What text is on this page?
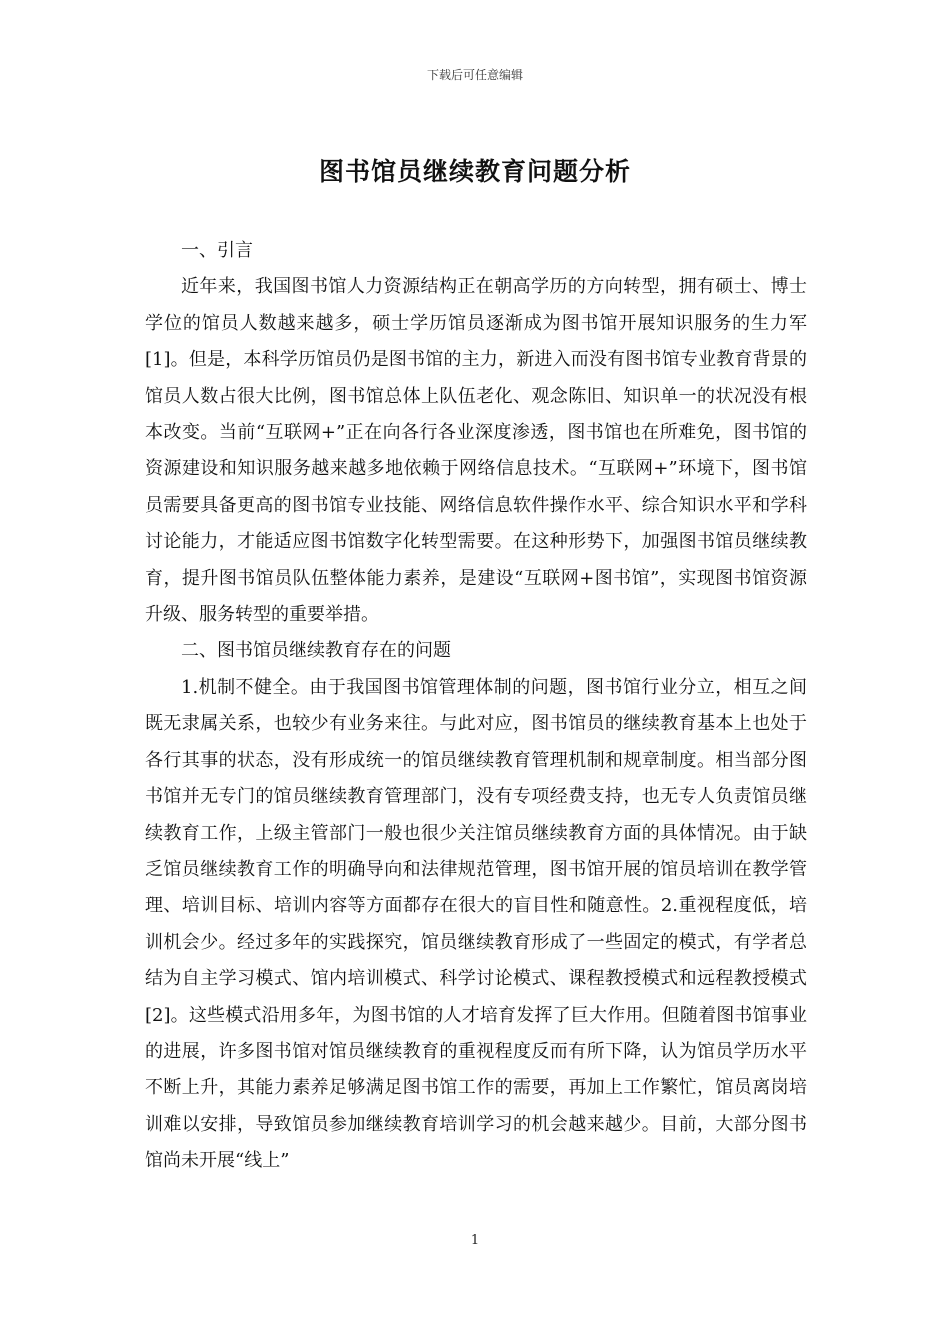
下载后可任意编辑
图书馆员继续教育问题分析

一、引言

近年来，我国图书馆人力资源结构正在朝高学历的方向转型，拥有硕士、博士学位的馆员人数越来越多，硕士学历馆员逐渐成为图书馆开展知识服务的生力军[1]。但是，本科学历馆员仍是图书馆的主力，新进入而没有图书馆专业教育背景的馆员人数占很大比例，图书馆总体上队伍老化、观念陈旧、知识单一的状况没有根本改变。当前“互联网+”正在向各行各业深度渗透，图书馆也在所难免，图书馆的资源建设和知识服务越来越多地依赖于网络信息技术。“互联网+”环境下，图书馆员需要具备更高的图书馆专业技能、网络信息软件操作水平、综合知识水平和学科讨论能力，才能适应图书馆数字化转型需要。在这种形势下，加强图书馆员继续教育，提升图书馆员队伍整体能力素养，是建设“互联网+图书馆”，实现图书馆资源升级、服务转型的重要举措。

二、图书馆员继续教育存在的问题

1.机制不健全。由于我国图书馆管理体制的问题，图书馆行业分立，相互之间既无隶属关系，也较少有业务来往。与此对应，图书馆员的继续教育基本上也处于各行其事的状态，没有形成统一的馆员继续教育管理机制和规章制度。相当部分图书馆并无专门的馆员继续教育管理部门，没有专项经费支持，也无专人负责馆员继续教育工作，上级主管部门一般也很少关注馆员继续教育方面的具体情况。由于缺乏馆员继续教育工作的明确导向和法律规范管理，图书馆开展的馆员培训在教学管理、培训目标、培训内容等方面都存在很大的盲目性和随意性。2.重视程度低，培训机会少。经过多年的实践探究，馆员继续教育形成了一些固定的模式，有学者总结为自主学习模式、馆内培训模式、科学讨论模式、课程教授模式和远程教授模式[2]。这些模式沿用多年，为图书馆的人才培育发挥了巨大作用。但随着图书馆事业的进展，许多图书馆对馆员继续教育的重视程度反而有所下降，认为馆员学历水平不断上升，其能力素养足够满足图书馆工作的需要，再加上工作繁忙，馆员离岗培训难以安排，导致馆员参加继续教育培训学习的机会越来越少。目前，大部分图书馆尚未开展“线上”

1
